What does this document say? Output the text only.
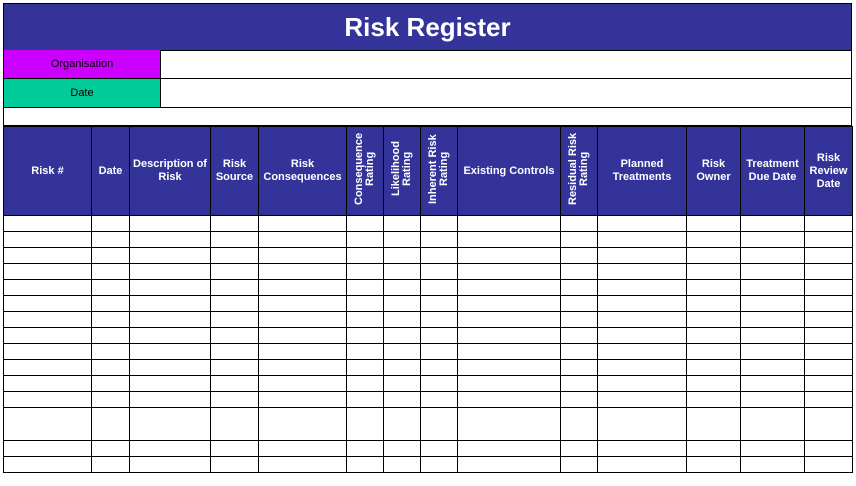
Risk Register
Organisation
Date
Risk #	Date	Description of Risk	Risk Source	Risk Consequences	Consequence Rating	Likelihood Rating	Inherent Risk Rating	Existing Controls	Residual Risk Rating	Planned Treatments	Risk Owner	Treatment Due Date	Risk Review Date
